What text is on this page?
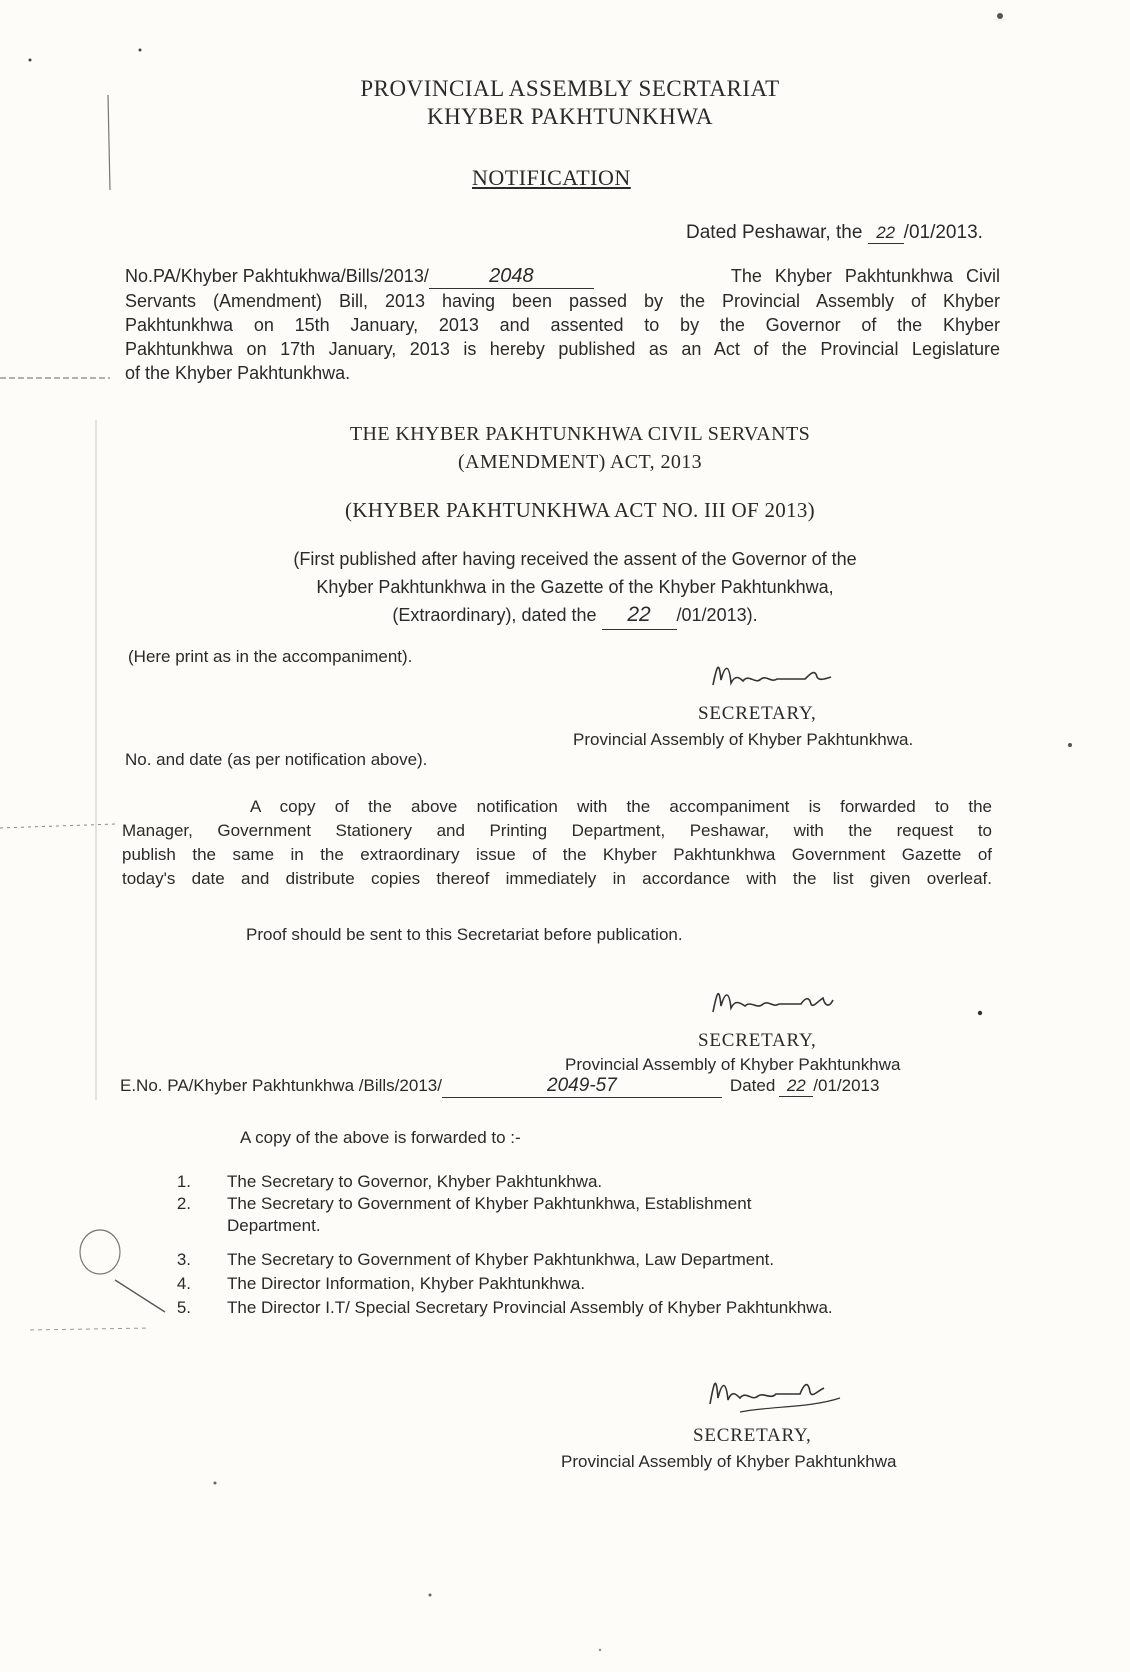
PROVINCIAL ASSEMBLY SECRTARIAT
KHYBER PAKHTUNKHWA
NOTIFICATION
Dated Peshawar, the 22 /01/2013.
No.PA/Khyber Pakhtukhwa/Bills/2013/	2048	The Khyber Pakhtunkhwa Civil
Servants (Amendment) Bill, 2013 having been passed by the Provincial Assembly of Khyber
Pakhtunkhwa on 15th January, 2013 and assented to by the Governor of the Khyber
Pakhtunkhwa on 17th January, 2013 is hereby published as an Act of the Provincial Legislature
of the Khyber Pakhtunkhwa.
THE KHYBER PAKHTUNKHWA CIVIL SERVANTS
(AMENDMENT) ACT, 2013
(KHYBER PAKHTUNKHWA ACT NO. III OF 2013)
(First published after having received the assent of the Governor of the
Khyber Pakhtunkhwa in the Gazette of the Khyber Pakhtunkhwa,
(Extraordinary), dated the 22 /01/2013).
(Here print as in the accompaniment).
SECRETARY,
Provincial Assembly of Khyber Pakhtunkhwa.
No. and date (as per notification above).
A copy of the above notification with the accompaniment is forwarded to the
Manager, Government Stationery and Printing Department, Peshawar, with the request to
publish the same in the extraordinary issue of the Khyber Pakhtunkhwa Government Gazette of
today's date and distribute copies thereof immediately in accordance with the list given overleaf.
Proof should be sent to this Secretariat before publication.
SECRETARY,
Provincial Assembly of Khyber Pakhtunkhwa
E.No. PA/Khyber Pakhtunkhwa /Bills/2013/	2049-57	Dated 22 /01/2013
A copy of the above is forwarded to :-
1. The Secretary to Governor, Khyber Pakhtunkhwa.
2. The Secretary to Government of Khyber Pakhtunkhwa, Establishment
Department.
3. The Secretary to Government of Khyber Pakhtunkhwa, Law Department.
4. The Director Information, Khyber Pakhtunkhwa.
5. The Director I.T/ Special Secretary Provincial Assembly of Khyber Pakhtunkhwa.
SECRETARY,
Provincial Assembly of Khyber Pakhtunkhwa
